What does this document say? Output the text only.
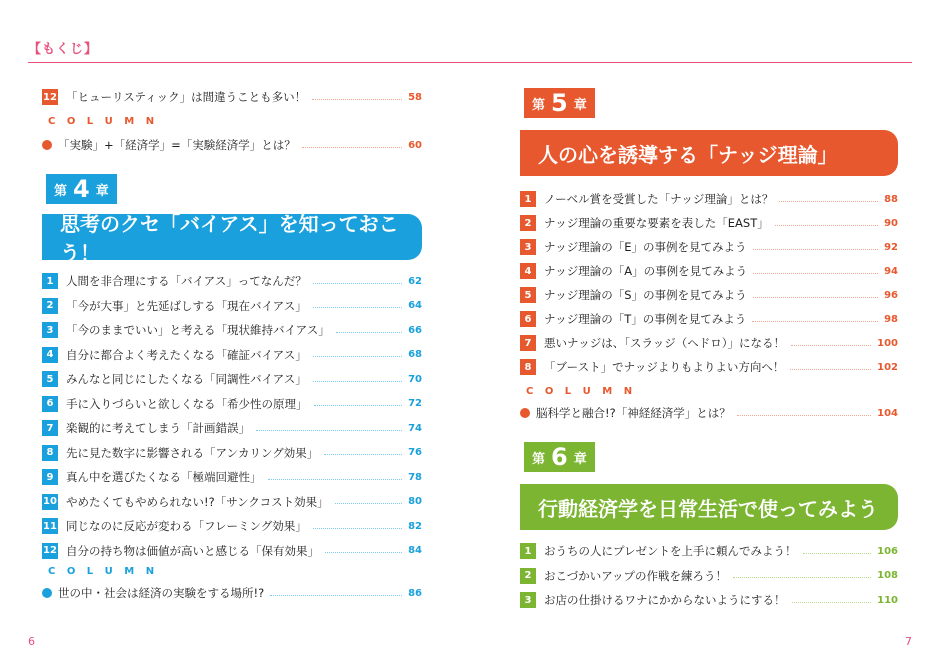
【もくじ】
12 「ヒューリスティック」は間違うことも多い！	58
C O L U M N
「実験」+「経済学」=「実験経済学」とは？	60
第 4 章
思考のクセ「バイアス」を知っておこう！
1	人間を非合理にする「バイアス」ってなんだ？	62
2	「今が大事」と先延ばしする「現在バイアス」	64
3	「今のままでいい」と考える「現状維持バイアス」	66
4	自分に都合よく考えたくなる「確証バイアス」	68
5	みんなと同じにしたくなる「同調性バイアス」	70
6	手に入りづらいと欲しくなる「希少性の原理」	72
7	楽観的に考えてしまう「計画錯誤」	74
8	先に見た数字に影響される「アンカリング効果」	76
9	真ん中を選びたくなる「極端回避性」	78
10 やめたくてもやめられない!?「サンクコスト効果」	80
11 同じなのに反応が変わる「フレーミング効果」	82
12 自分の持ち物は価値が高いと感じる「保有効果」	84
C O L U M N
世の中・社会は経済の実験をする場所!?	86
第 5 章
人の心を誘導する「ナッジ理論」
1	ノーベル賞を受賞した「ナッジ理論」とは？	88
2	ナッジ理論の重要な要素を表した「EAST」	90
3	ナッジ理論の「E」の事例を見てみよう	92
4	ナッジ理論の「A」の事例を見てみよう	94
5	ナッジ理論の「S」の事例を見てみよう	96
6	ナッジ理論の「T」の事例を見てみよう	98
7	悪いナッジは、「スラッジ（ヘドロ）」になる！	100
8	「ブースト」でナッジよりもよりよい方向へ！	102
C O L U M N
脳科学と融合!?「神経経済学」とは？	104
第 6 章
行動経済学を日常生活で使ってみよう
1	おうちの人にプレゼントを上手に頼んでみよう！	106
2	おこづかいアップの作戦を練ろう！	108
3	お店の仕掛けるワナにかからないようにする！	110
6	7
